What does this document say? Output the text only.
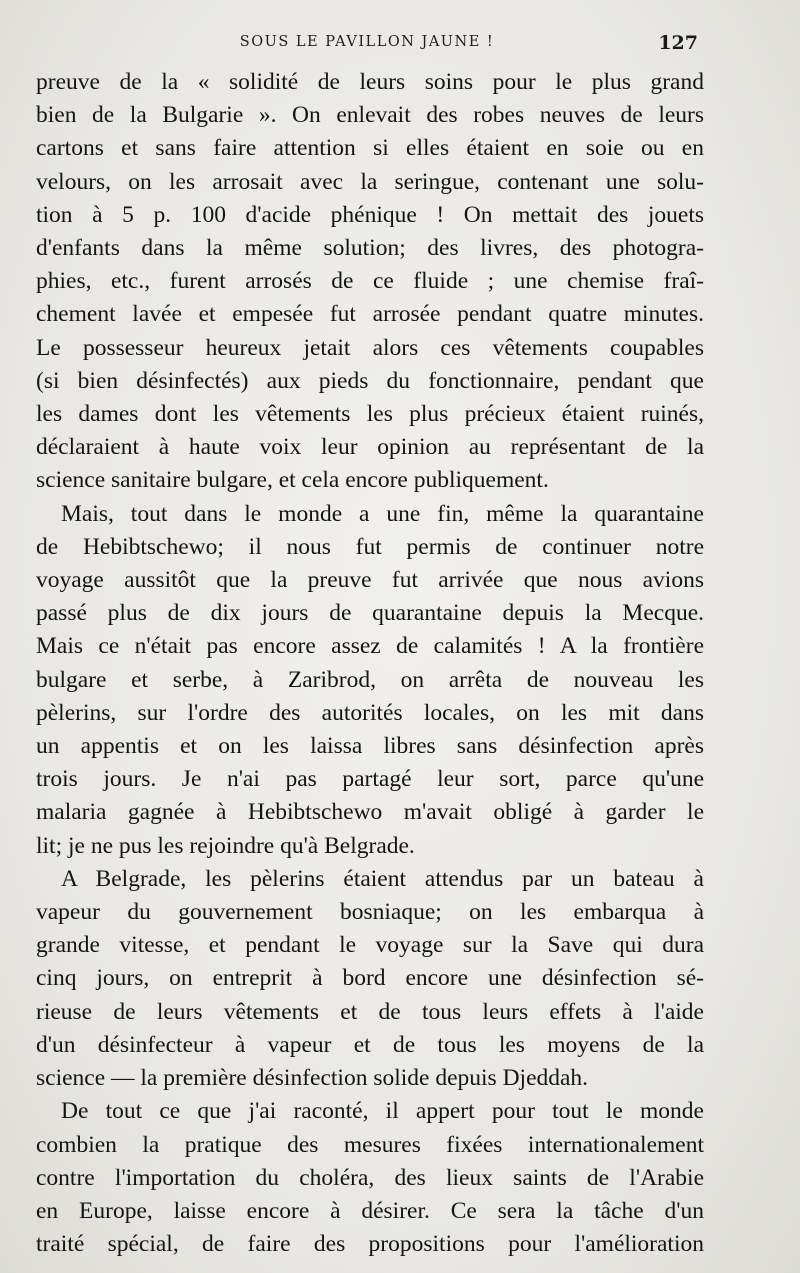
SOUS LE PAVILLON JAUNE !	127

preuve de la « solidité de leurs soins pour le plus grand
bien de la Bulgarie ». On enlevait des robes neuves de leurs
cartons et sans faire attention si elles étaient en soie ou en
velours, on les arrosait avec la seringue, contenant une solu-
tion à 5 p. 100 d'acide phénique ! On mettait des jouets
d'enfants dans la même solution; des livres, des photogra-
phies, etc., furent arrosés de ce fluide ; une chemise fraî-
chement lavée et empesée fut arrosée pendant quatre minutes.
Le possesseur heureux jetait alors ces vêtements coupables
(si bien désinfectés) aux pieds du fonctionnaire, pendant que
les dames dont les vêtements les plus précieux étaient ruinés,
déclaraient à haute voix leur opinion au représentant de la
science sanitaire bulgare, et cela encore publiquement.

Mais, tout dans le monde a une fin, même la quarantaine
de Hebibtschewo; il nous fut permis de continuer notre
voyage aussitôt que la preuve fut arrivée que nous avions
passé plus de dix jours de quarantaine depuis la Mecque.
Mais ce n'était pas encore assez de calamités ! A la frontière
bulgare et serbe, à Zaribrod, on arrêta de nouveau les
pèlerins, sur l'ordre des autorités locales, on les mit dans
un appentis et on les laissa libres sans désinfection après
trois jours. Je n'ai pas partagé leur sort, parce qu'une
malaria gagnée à Hebibtschewo m'avait obligé à garder le
lit; je ne pus les rejoindre qu'à Belgrade.

A Belgrade, les pèlerins étaient attendus par un bateau à
vapeur du gouvernement bosniaque; on les embarqua à
grande vitesse, et pendant le voyage sur la Save qui dura
cinq jours, on entreprit à bord encore une désinfection sé-
rieuse de leurs vêtements et de tous leurs effets à l'aide
d'un désinfecteur à vapeur et de tous les moyens de la
science — la première désinfection solide depuis Djeddah.

De tout ce que j'ai raconté, il appert pour tout le monde
combien la pratique des mesures fixées internationalement
contre l'importation du choléra, des lieux saints de l'Arabie
en Europe, laisse encore à désirer. Ce sera la tâche d'un
traité spécial, de faire des propositions pour l'amélioration
